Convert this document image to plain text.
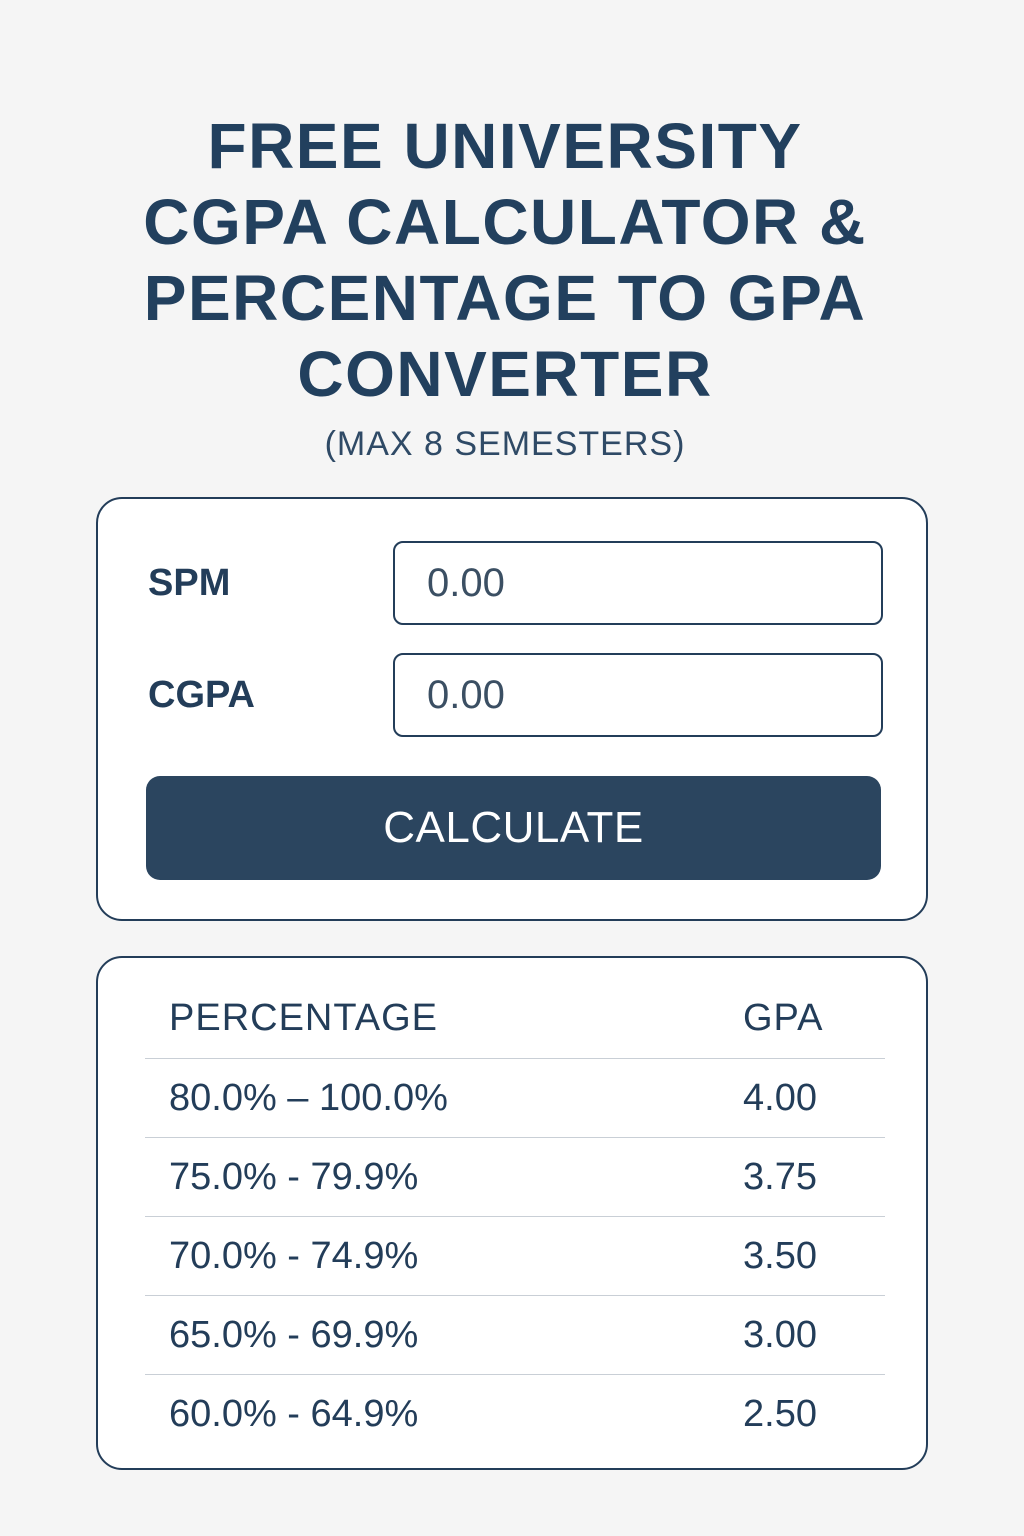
FREE UNIVERSITY
CGPA CALCULATOR &
PERCENTAGE TO GPA
CONVERTER
(MAX 8 SEMESTERS)
SPM
0.00
CGPA
0.00
CALCULATE
PERCENTAGE	GPA
80.0% – 100.0%	4.00
75.0% - 79.9%	3.75
70.0% - 74.9%	3.50
65.0% - 69.9%	3.00
60.0% - 64.9%	2.50
